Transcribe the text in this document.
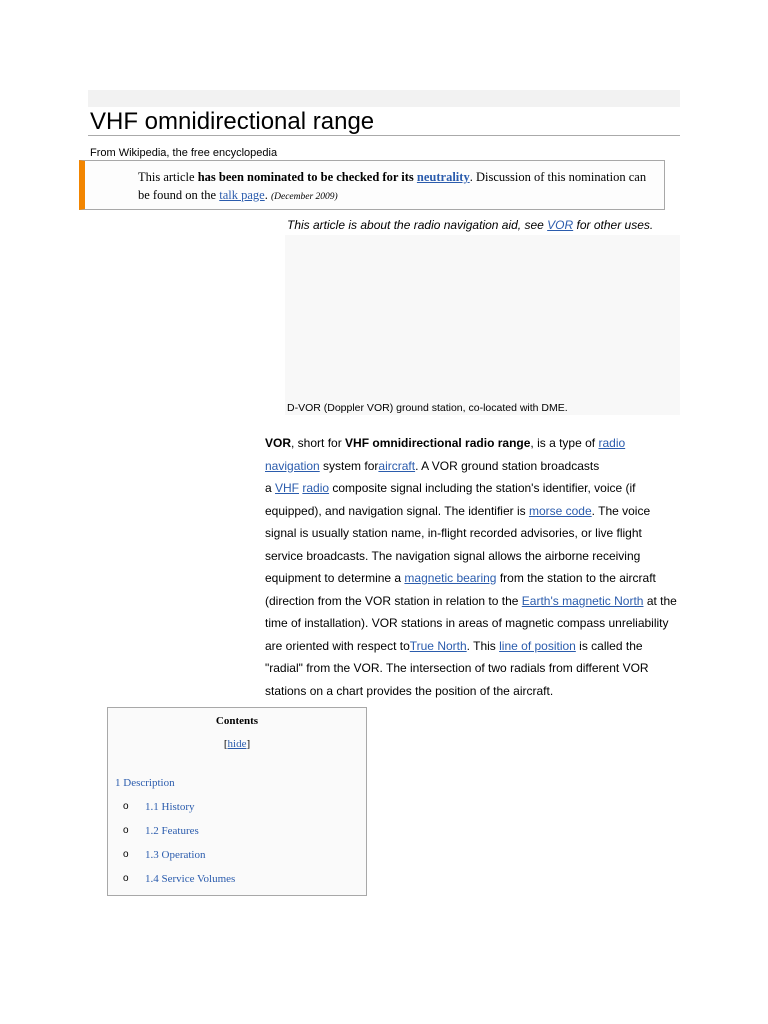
VHF omnidirectional range
From Wikipedia, the free encyclopedia
This article has been nominated to be checked for its neutrality. Discussion of this nomination can
be found on the talk page. (December 2009)
This article is about the radio navigation aid, see VOR for other uses.
D-VOR (Doppler VOR) ground station, co-located with DME.
VOR, short for VHF omnidirectional radio range, is a type of radio
navigation system foraircraft. A VOR ground station broadcasts
a VHF radio composite signal including the station's identifier, voice (if
equipped), and navigation signal. The identifier is morse code. The voice
signal is usually station name, in-flight recorded advisories, or live flight
service broadcasts. The navigation signal allows the airborne receiving
equipment to determine a magnetic bearing from the station to the aircraft
(direction from the VOR station in relation to the Earth's magnetic North at the
time of installation). VOR stations in areas of magnetic compass unreliability
are oriented with respect toTrue North. This line of position is called the
"radial" from the VOR. The intersection of two radials from different VOR
stations on a chart provides the position of the aircraft.
Contents
[hide]
1 Description
o 1.1 History
o 1.2 Features
o 1.3 Operation
o 1.4 Service Volumes
